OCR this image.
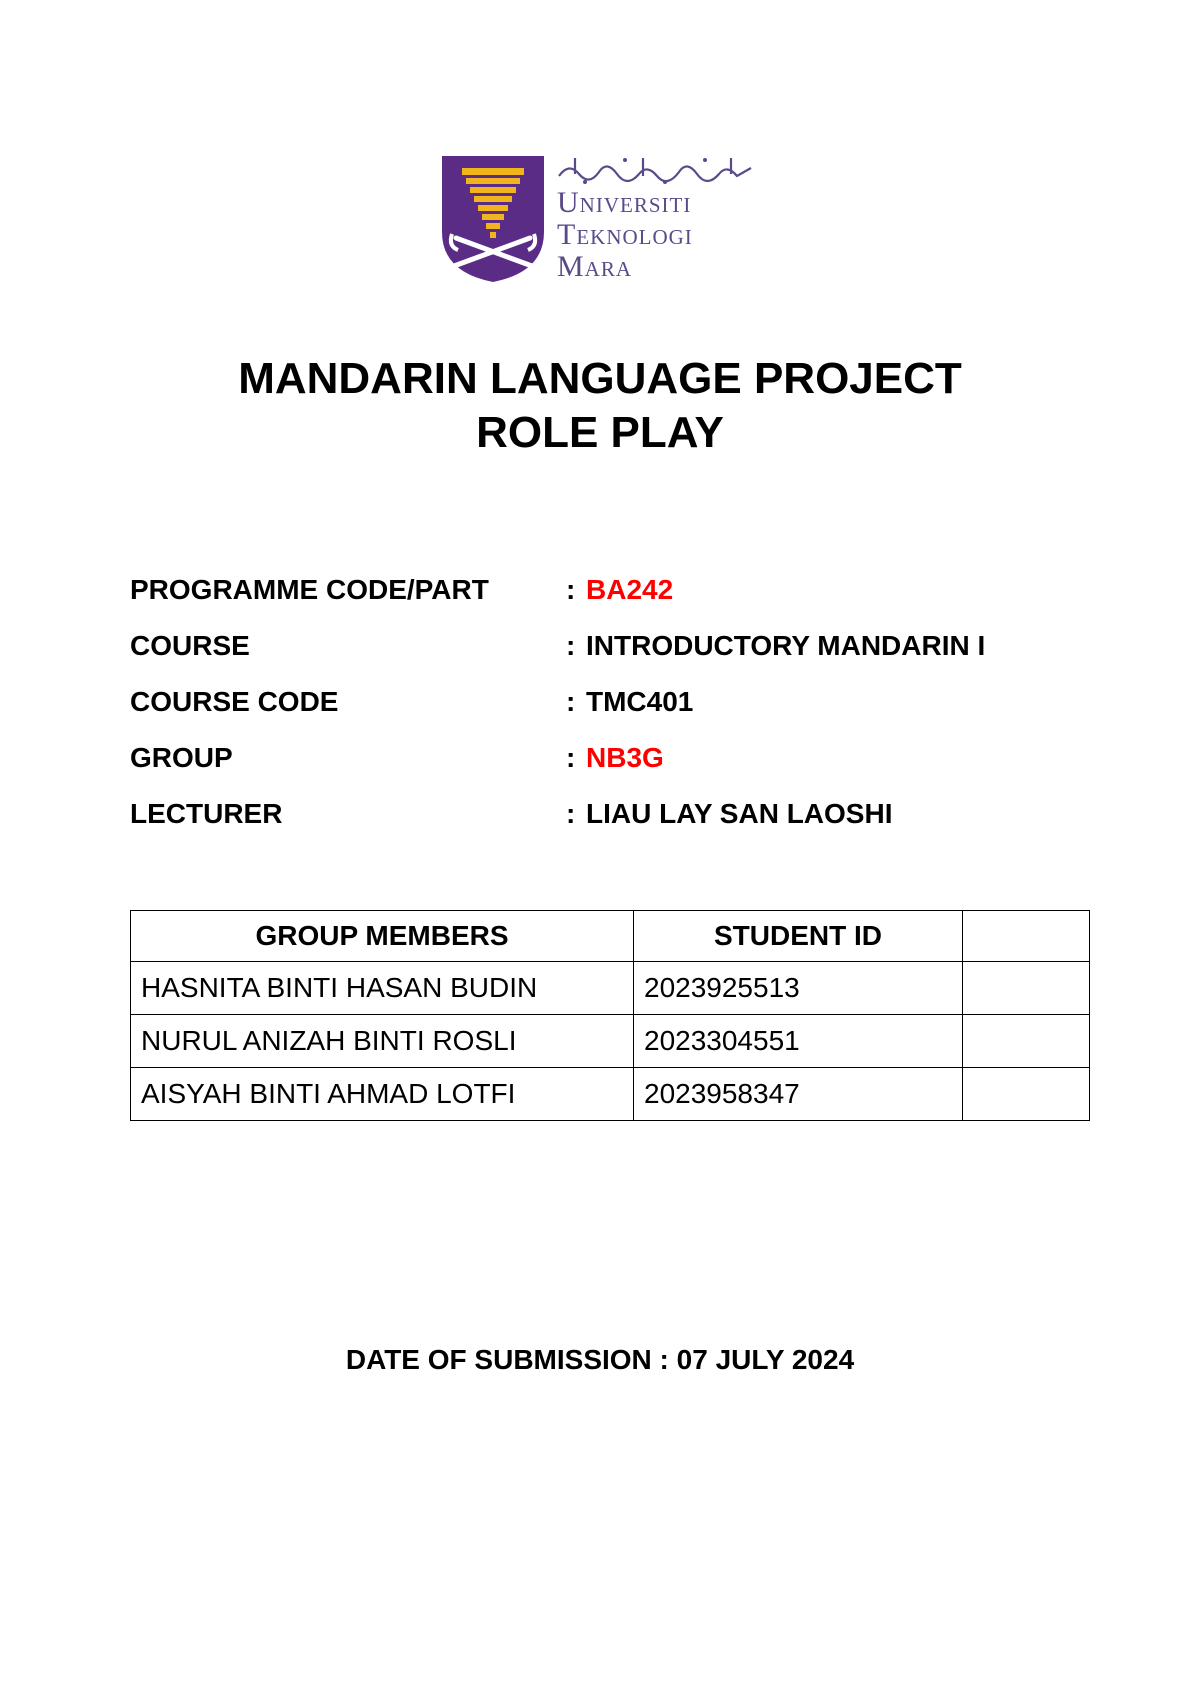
Universiti
Teknologi
Mara
MANDARIN LANGUAGE PROJECT
ROLE PLAY
PROGRAMME CODE/PART	: BA242
COURSE	: INTRODUCTORY MANDARIN I
COURSE CODE	: TMC401
GROUP	: NB3G
LECTURER	: LIAU LAY SAN LAOSHI
GROUP MEMBERS	STUDENT ID	
HASNITA BINTI HASAN BUDIN	2023925513	
NURUL ANIZAH BINTI ROSLI	2023304551	
AISYAH BINTI AHMAD LOTFI	2023958347	
DATE OF SUBMISSION : 07 JULY 2024
